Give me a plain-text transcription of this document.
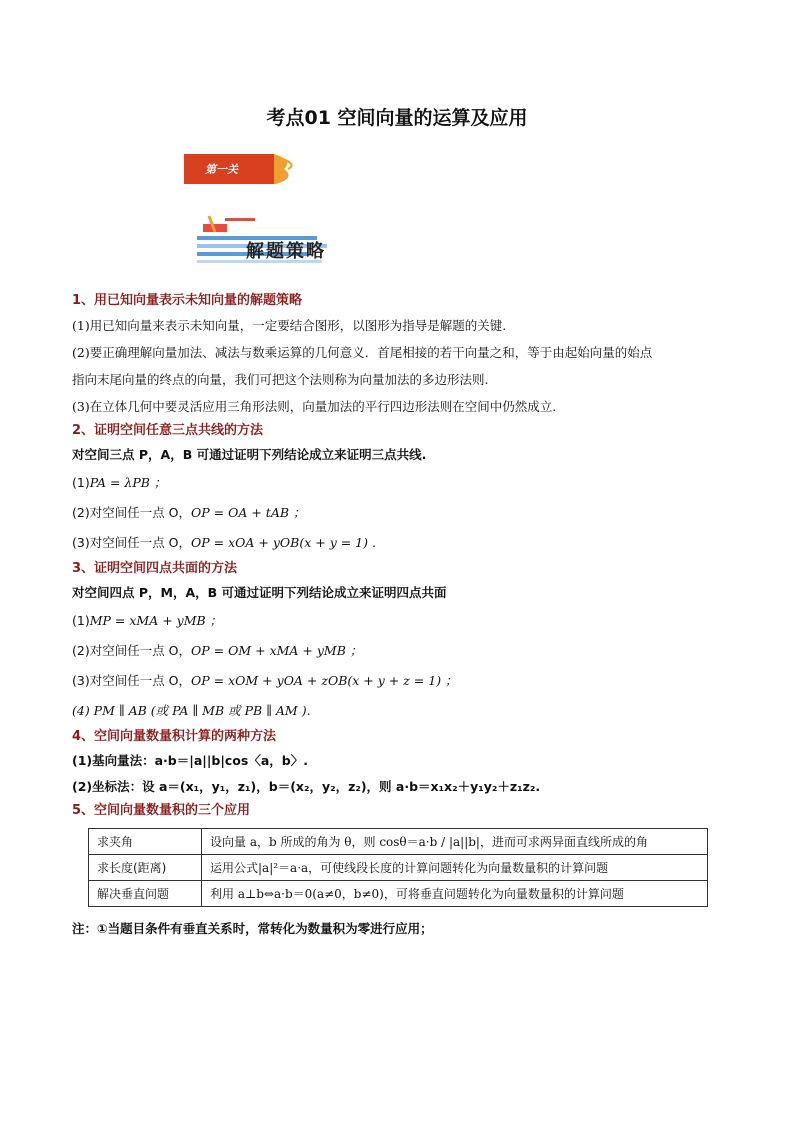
考点01 空间向量的运算及应用
第一关
解题策略
1、用已知向量表示未知向量的解题策略

(1)用已知向量来表示未知向量，一定要结合图形，以图形为指导是解题的关键.

(2)要正确理解向量加法、减法与数乘运算的几何意义．首尾相接的若干向量之和，等于由起始向量的始点

指向末尾向量的终点的向量，我们可把这个法则称为向量加法的多边形法则.

(3)在立体几何中要灵活应用三角形法则，向量加法的平行四边形法则在空间中仍然成立.

2、证明空间任意三点共线的方法

对空间三点 P，A，B 可通过证明下列结论成立来证明三点共线.

(1)PA = λPB ；

(2)对空间任一点 O，OP = OA + tAB ；

(3)对空间任一点 O，OP = xOA + yOB(x + y = 1) .

3、证明空间四点共面的方法

对空间四点 P，M，A，B 可通过证明下列结论成立来证明四点共面

(1)MP = xMA + yMB ；

(2)对空间任一点 O，OP = OM + xMA + yMB ；

(3)对空间任一点 O，OP = xOM + yOA + zOB(x + y + z = 1) ；

(4) PM ∥ AB (或 PA ∥ MB 或 PB ∥ AM ).

4、空间向量数量积计算的两种方法

(1)基向量法：a·b＝|a||b|cos〈a，b〉.

(2)坐标法：设 a＝(x₁，y₁，z₁)，b＝(x₂，y₂，z₂)，则 a·b＝x₁x₂＋y₁y₂＋z₁z₂.

5、空间向量数量积的三个应用
求夹角	设向量 a，b 所成的角为 θ，则 cosθ＝a·b / |a||b|，进而可求两异面直线所成的角
求长度(距离)	运用公式|a|²＝a·a，可使线段长度的计算问题转化为向量数量积的计算问题
解决垂直问题	利用 a⊥b⇔a·b＝0(a≠0，b≠0)，可将垂直问题转化为向量数量积的计算问题
注：①当题目条件有垂直关系时，常转化为数量积为零进行应用；
